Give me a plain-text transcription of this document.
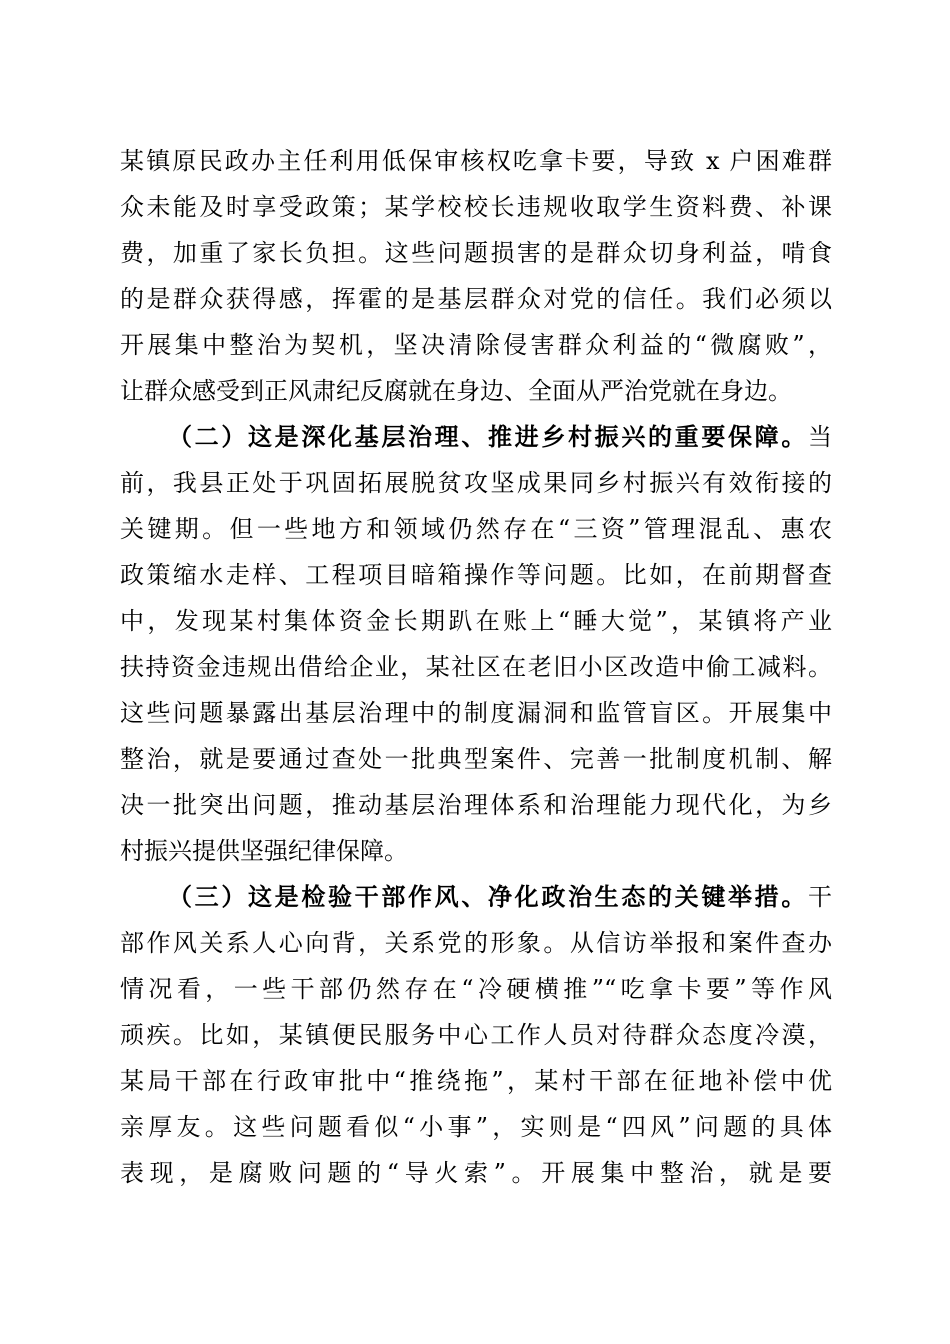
某镇原民政办主任利用低保审核权吃拿卡要，导致 x 户困难群
众未能及时享受政策；某学校校长违规收取学生资料费、补课
费，加重了家长负担。这些问题损害的是群众切身利益，啃食
的是群众获得感，挥霍的是基层群众对党的信任。我们必须以
开展集中整治为契机，坚决清除侵害群众利益的“微腐败”，
让群众感受到正风肃纪反腐就在身边、全面从严治党就在身边。
（二）这是深化基层治理、推进乡村振兴的重要保障。当
前，我县正处于巩固拓展脱贫攻坚成果同乡村振兴有效衔接的
关键期。但一些地方和领域仍然存在“三资”管理混乱、惠农
政策缩水走样、工程项目暗箱操作等问题。比如，在前期督查
中，发现某村集体资金长期趴在账上“睡大觉”，某镇将产业
扶持资金违规出借给企业，某社区在老旧小区改造中偷工减料。
这些问题暴露出基层治理中的制度漏洞和监管盲区。开展集中
整治，就是要通过查处一批典型案件、完善一批制度机制、解
决一批突出问题，推动基层治理体系和治理能力现代化，为乡
村振兴提供坚强纪律保障。
（三）这是检验干部作风、净化政治生态的关键举措。干
部作风关系人心向背，关系党的形象。从信访举报和案件查办
情况看，一些干部仍然存在“冷硬横推”“吃拿卡要”等作风
顽疾。比如，某镇便民服务中心工作人员对待群众态度冷漠，
某局干部在行政审批中“推绕拖”，某村干部在征地补偿中优
亲厚友。这些问题看似“小事”，实则是“四风”问题的具体
表现，是腐败问题的“导火索”。开展集中整治，就是要
